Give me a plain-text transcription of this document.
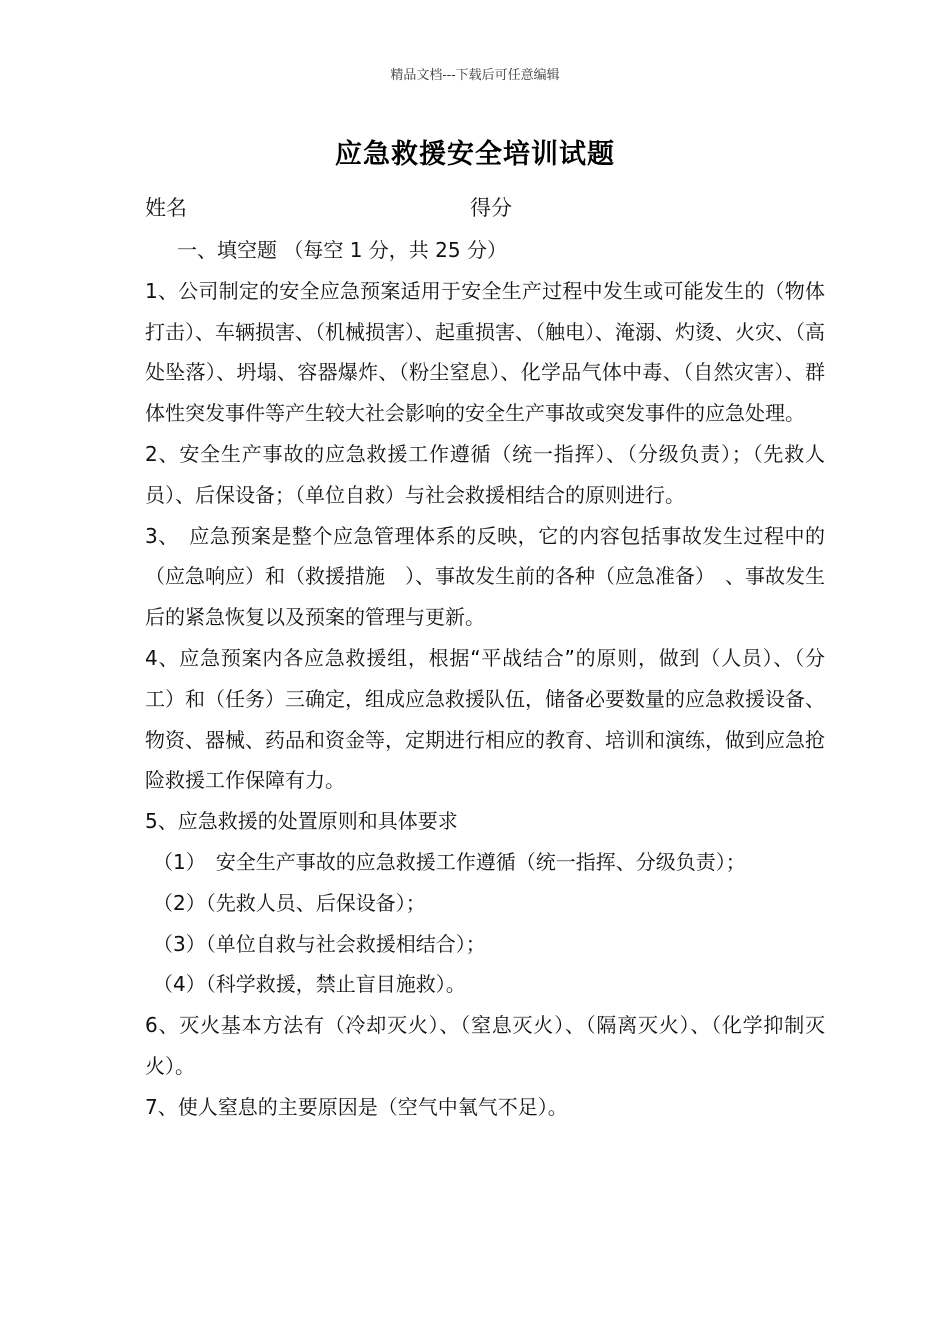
精品文档---下载后可任意编辑
应急救援安全培训试题
姓名	得分

一、填空题 （每空 1 分，共 25 分）

1、公司制定的安全应急预案适用于安全生产过程中发生或可能发生的（物体打击）、车辆损害、（机械损害）、起重损害、（触电）、淹溺、灼烫、火灾、（高处坠落）、坍塌、容器爆炸、（粉尘窒息）、化学品气体中毒、（自然灾害）、群体性突发事件等产生较大社会影响的安全生产事故或突发事件的应急处理。

2、安全生产事故的应急救援工作遵循（统一指挥）、（分级负责）；（先救人员）、后保设备；（单位自救）与社会救援相结合的原则进行。

3、　应急预案是整个应急管理体系的反映，它的内容包括事故发生过程中的（应急响应）和（救援措施　）、事故发生前的各种（应急准备）　、事故发生后的紧急恢复以及预案的管理与更新。

4、应急预案内各应急救援组，根据“平战结合”的原则，做到（人员）、（分工）和（任务）三确定，组成应急救援队伍，储备必要数量的应急救援设备、物资、器械、药品和资金等，定期进行相应的教育、培训和演练，做到应急抢险救援工作保障有力。

5、应急救援的处置原则和具体要求

（1）　安全生产事故的应急救援工作遵循（统一指挥、分级负责）；

（2）（先救人员、后保设备）；

（3）（单位自救与社会救援相结合）；

（4）（科学救援，禁止盲目施救）。

6、灭火基本方法有（冷却灭火）、（窒息灭火）、（隔离灭火）、（化学抑制灭火）。

7、使人窒息的主要原因是（空气中氧气不足）。
